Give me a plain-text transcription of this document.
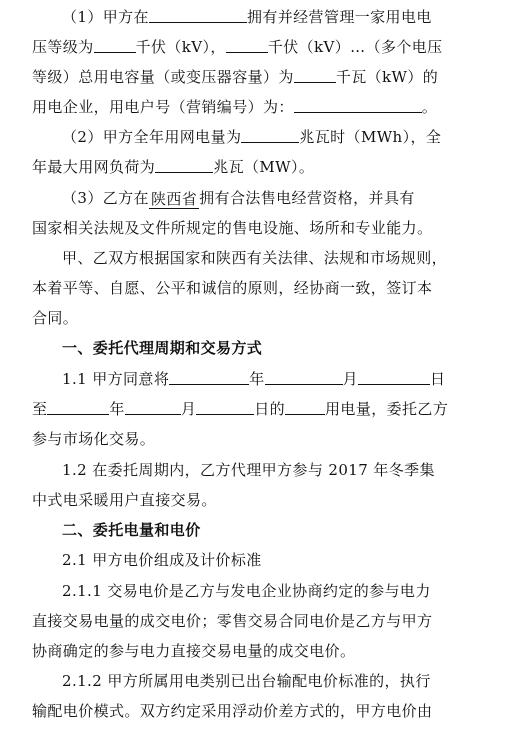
（1）甲方在	拥有并经营管理一家用电电
压等级为	千伏（kV），	千伏（kV）…（多个电压
等级）总用电容量（或变压器容量）为	千瓦（kW）的
用电企业，用电户号（营销编号）为：	。
（2）甲方全年用网电量为	兆瓦时（MWh），全
年最大用网负荷为	兆瓦（MW）。
（3）乙方在 陕西省 拥有合法售电经营资格，并具有
国家相关法规及文件所规定的售电设施、场所和专业能力。
甲、乙双方根据国家和陕西有关法律、法规和市场规则，
本着平等、自愿、公平和诚信的原则，经协商一致，签订本
合同。
一、委托代理周期和交易方式
1.1 甲方同意将	年	月	日
至	年	月	日的	用电量，委托乙方
参与市场化交易。
1.2 在委托周期内，乙方代理甲方参与 2017 年冬季集
中式电采暖用户直接交易。
二、委托电量和电价
2.1 甲方电价组成及计价标准
2.1.1 交易电价是乙方与发电企业协商约定的参与电力
直接交易电量的成交电价；零售交易合同电价是乙方与甲方
协商确定的参与电力直接交易电量的成交电价。
2.1.2 甲方所属用电类别已出台输配电价标准的，执行
输配电价模式。双方约定采用浮动价差方式的，甲方电价由
